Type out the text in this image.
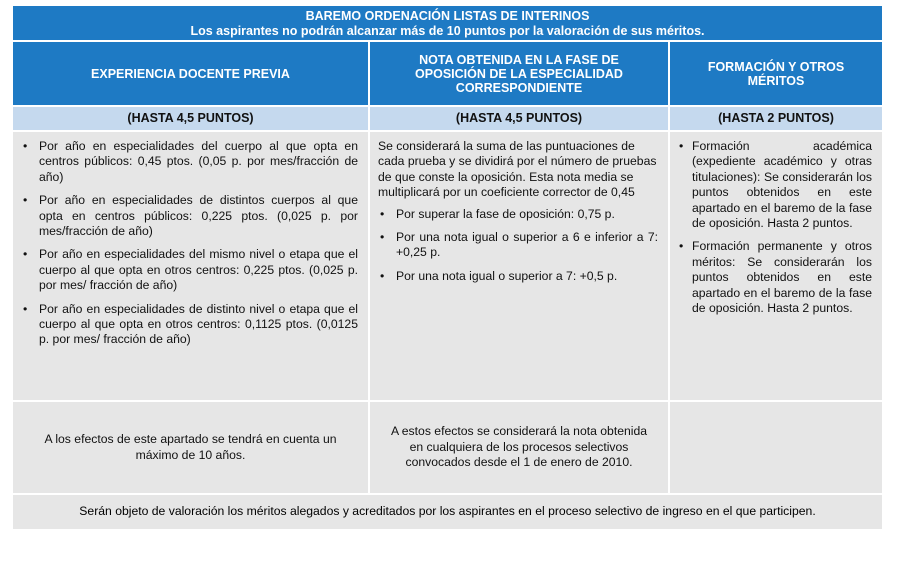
BAREMO ORDENACIÓN LISTAS DE INTERINOS
Los aspirantes no podrán alcanzar más de 10 puntos por la valoración de sus méritos.
EXPERIENCIA DOCENTE PREVIA
NOTA OBTENIDA EN LA FASE DE OPOSICIÓN DE LA ESPECIALIDAD CORRESPONDIENTE
FORMACIÓN Y OTROS MÉRITOS
(HASTA 4,5 PUNTOS)	(HASTA 4,5 PUNTOS)	(HASTA 2 PUNTOS)
• Por año en especialidades del cuerpo al que opta en centros públicos: 0,45 ptos. (0,05 p. por mes/fracción de año)
• Por año en especialidades de distintos cuerpos al que opta en centros públicos: 0,225 ptos. (0,025 p. por mes/fracción de año)
• Por año en especialidades del mismo nivel o etapa que el cuerpo al que opta en otros centros: 0,225 ptos. (0,025 p. por mes/ fracción de año)
• Por año en especialidades de distinto nivel o etapa que el cuerpo al que opta en otros centros: 0,1125 ptos. (0,0125 p. por mes/ fracción de año)

Se considerará la suma de las puntuaciones de cada prueba y se dividirá por el número de pruebas de que conste la oposición. Esta nota media se multiplicará por un coeficiente corrector de 0,45

• Por superar la fase de oposición: 0,75 p.
• Por una nota igual o superior a 6 e inferior a 7: +0,25 p.
• Por una nota igual o superior a 7: +0,5 p.
• Formación académica (expediente académico y otras titulaciones): Se considerarán los puntos obtenidos en este apartado en el baremo de la fase de oposición. Hasta 2 puntos.
• Formación permanente y otros méritos: Se considerarán los puntos obtenidos en este apartado en el baremo de la fase de oposición. Hasta 2 puntos.
A los efectos de este apartado se tendrá en cuenta un máximo de 10 años.
A estos efectos se considerará la nota obtenida en cualquiera de los procesos selectivos convocados desde el 1 de enero de 2010.
Serán objeto de valoración los méritos alegados y acreditados por los aspirantes en el proceso selectivo de ingreso en el que participen.
